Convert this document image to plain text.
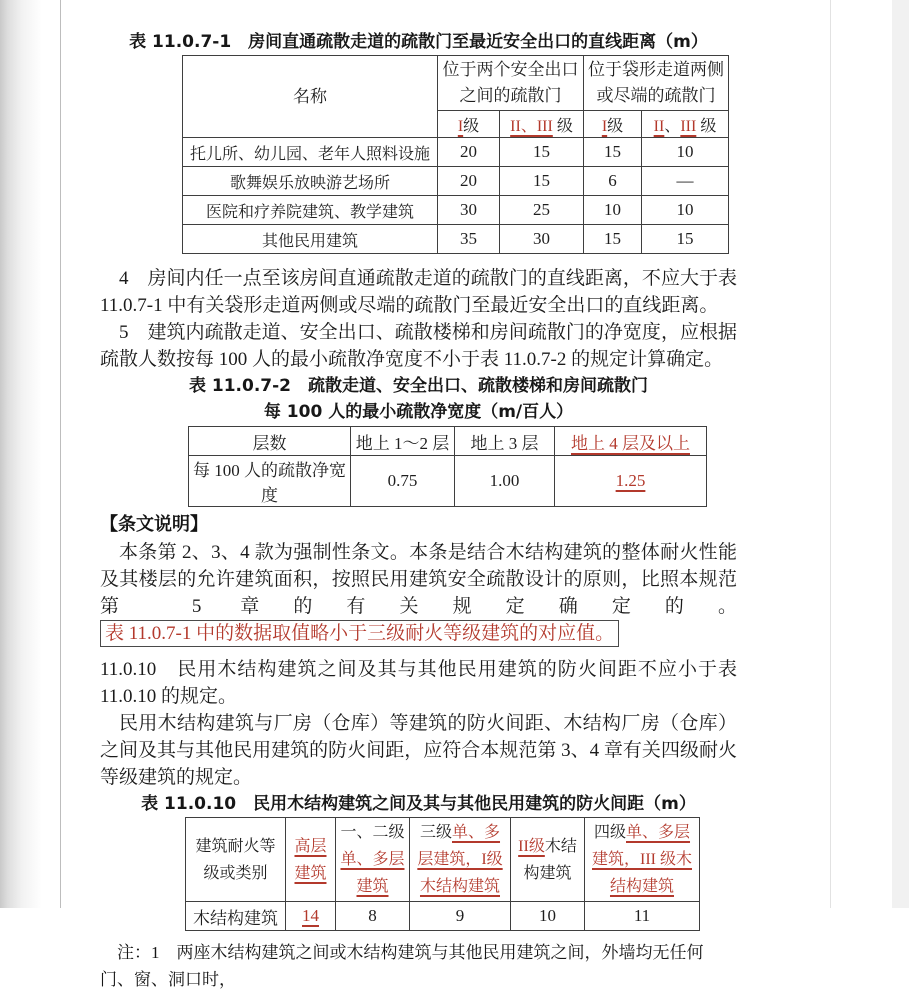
表 11.0.7-1　房间直通疏散走道的疏散门至最近安全出口的直线距离（m）
名称	位于两个安全出口之间的疏散门		位于袋形走道两侧或尽端的疏散门	
	I级	II、III 级	I级	II、III 级
托儿所、幼儿园、老年人照料设施	20	15	15	10
歌舞娱乐放映游艺场所	20	15	6	—
医院和疗养院建筑、教学建筑	30	25	10	10
其他民用建筑	35	30	15	15

4　房间内任一点至该房间直通疏散走道的疏散门的直线距离，不应大于表 11.0.7-1 中有关袋形走道两侧或尽端的疏散门至最近安全出口的直线距离。

5　建筑内疏散走道、安全出口、疏散楼梯和房间疏散门的净宽度，应根据疏散人数按每 100 人的最小疏散净宽度不小于表 11.0.7-2 的规定计算确定。

表 11.0.7-2　疏散走道、安全出口、疏散楼梯和房间疏散门
每 100 人的最小疏散净宽度（m/百人）
层数	地上 1～2 层	地上 3 层	地上 4 层及以上
每 100 人的疏散净宽度	0.75	1.00	1.25
【条文说明】

本条第 2、3、4 款为强制性条文。本条是结合木结构建筑的整体耐火性能及其楼层的允许建筑面积，按照民用建筑安全疏散设计的原则，比照本规范第 5 章的有关规定确定的。表 11.0.7-1 中的数据取值略小于三级耐火等级建筑的对应值。

11.0.10　民用木结构建筑之间及其与其他民用建筑的防火间距不应小于表 11.0.10 的规定。

民用木结构建筑与厂房（仓库）等建筑的防火间距、木结构厂房（仓库）之间及其与其他民用建筑的防火间距，应符合本规范第 3、4 章有关四级耐火等级建筑的规定。

表 11.0.10　民用木结构建筑之间及其与其他民用建筑的防火间距（m）
建筑耐火等级或类别	高层建筑	一、二级单、多层建筑	三级单、多层建筑，I级木结构建筑	II级木结构建筑	四级单、多层建筑，III 级木结构建筑
木结构建筑	14	8	9	10	11

注：1　两座木结构建筑之间或木结构建筑与其他民用建筑之间，外墙均无任何门、窗、洞口时，
